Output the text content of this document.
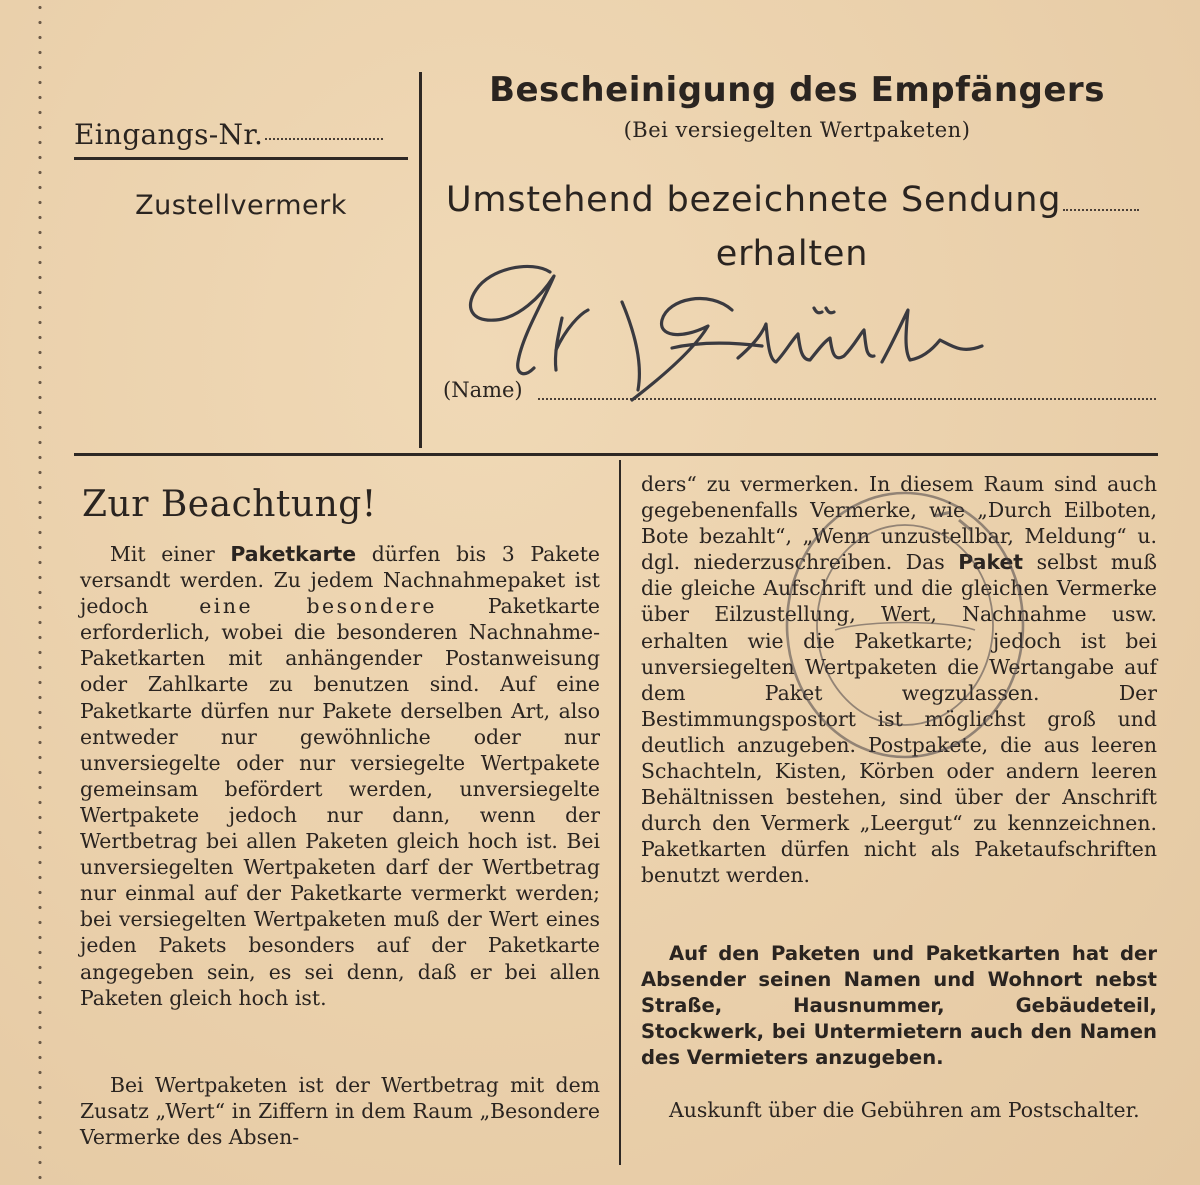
Eingangs-Nr.
Zustellvermerk
Bescheinigung des Empfängers
(Bei versiegelten Wertpaketen)
Umstehend bezeichnete Sendung
erhalten
(Name)
Zur Beachtung!
Mit einer Paketkarte dürfen bis 3 Pakete versandt werden. Zu jedem Nachnahmepaket ist jedoch eine besondere Paketkarte erforderlich, wobei die besonderen Nachnahme-Paketkarten mit anhängender Postanweisung oder Zahlkarte zu benutzen sind. Auf eine Paketkarte dürfen nur Pakete derselben Art, also entweder nur gewöhnliche oder nur unversiegelte oder nur versiegelte Wertpakete gemeinsam befördert werden, unversiegelte Wertpakete jedoch nur dann, wenn der Wertbetrag bei allen Paketen gleich hoch ist. Bei unversiegelten Wertpaketen darf der Wertbetrag nur einmal auf der Paketkarte vermerkt werden; bei versiegelten Wertpaketen muß der Wert eines jeden Pakets besonders auf der Paketkarte angegeben sein, es sei denn, daß er bei allen Paketen gleich hoch ist.
Bei Wertpaketen ist der Wertbetrag mit dem Zusatz „Wert“ in Ziffern in dem Raum „Besondere Vermerke des Absen-
ders“ zu vermerken. In diesem Raum sind auch gegebenenfalls Vermerke, wie „Durch Eilboten, Bote bezahlt“, „Wenn unzustellbar, Meldung“ u. dgl. niederzuschreiben. Das Paket selbst muß die gleiche Aufschrift und die gleichen Vermerke über Eilzustellung, Wert, Nachnahme usw. erhalten wie die Paketkarte; jedoch ist bei unversiegelten Wertpaketen die Wertangabe auf dem Paket wegzulassen. Der Bestimmungspostort ist möglichst groß und deutlich anzugeben. Postpakete, die aus leeren Schachteln, Kisten, Körben oder andern leeren Behältnissen bestehen, sind über der Anschrift durch den Vermerk „Leergut“ zu kennzeichnen. Paketkarten dürfen nicht als Paketaufschriften benutzt werden.
Auf den Paketen und Paketkarten hat der Absender seinen Namen und Wohnort nebst Straße, Hausnummer, Gebäudeteil, Stockwerk, bei Untermietern auch den Namen des Vermieters anzugeben.
Auskunft über die Gebühren am Postschalter.
